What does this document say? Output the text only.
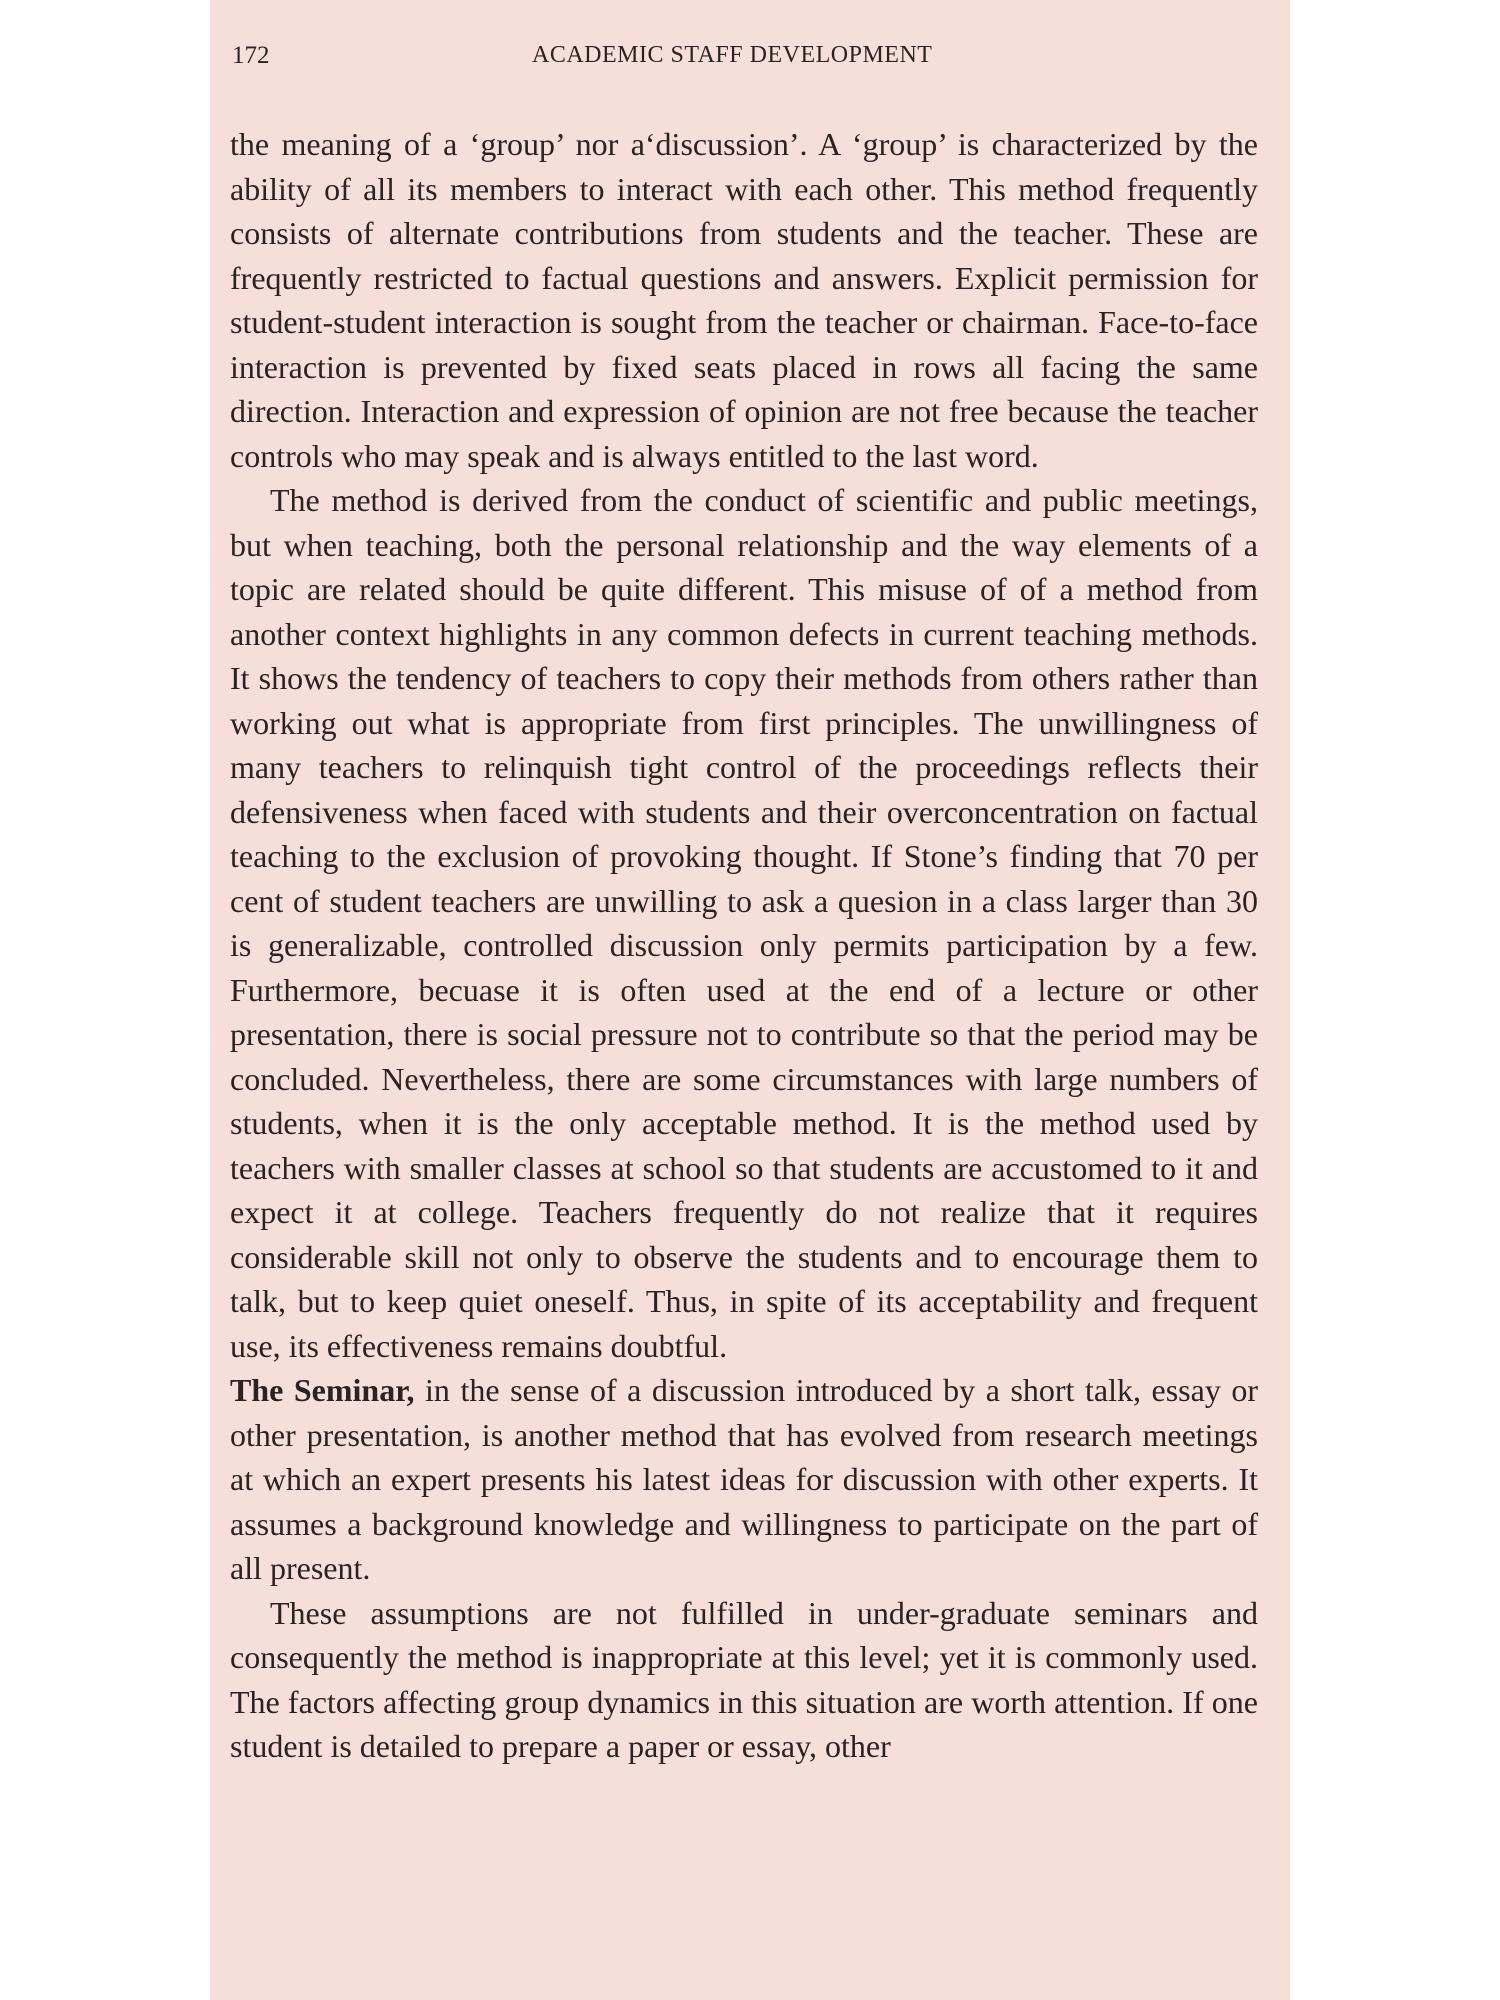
172	ACADEMIC STAFF DEVELOPMENT

the meaning of a ‘group’ nor a‘discussion’. A ‘group’ is characterized by the ability of all its members to interact with each other. This method frequently consists of alternate contributions from students and the teacher. These are frequently restricted to factual questions and answers. Explicit permission for student-student interaction is sought from the teacher or chairman. Face-to-face interaction is prevented by fixed seats placed in rows all facing the same direction. Interaction and expression of opinion are not free because the teacher controls who may speak and is always entitled to the last word.

The method is derived from the conduct of scientific and public meetings, but when teaching, both the personal relationship and the way elements of a topic are related should be quite different. This misuse of of a method from another context highlights in any common defects in current teaching methods. It shows the tendency of teachers to copy their methods from others rather than working out what is appropriate from first principles. The unwillingness of many teachers to relinquish tight control of the proceedings reflects their defensiveness when faced with students and their overconcentration on factual teaching to the exclusion of provoking thought. If Stone’s finding that 70 per cent of student teachers are unwilling to ask a quesion in a class larger than 30 is generalizable, controlled discussion only permits participation by a few. Furthermore, becuase it is often used at the end of a lecture or other presentation, there is social pressure not to contribute so that the period may be concluded. Nevertheless, there are some circumstances with large numbers of students, when it is the only acceptable method. It is the method used by teachers with smaller classes at school so that students are accustomed to it and expect it at college. Teachers frequently do not realize that it requires considerable skill not only to observe the students and to encourage them to talk, but to keep quiet oneself. Thus, in spite of its acceptability and frequent use, its effectiveness remains doubtful.

The Seminar, in the sense of a discussion introduced by a short talk, essay or other presentation, is another method that has evolved from research meetings at which an expert presents his latest ideas for discussion with other experts. It assumes a background knowledge and willingness to participate on the part of all present.

These assumptions are not fulfilled in under-graduate seminars and consequently the method is inappropriate at this level; yet it is commonly used. The factors affecting group dynamics in this situation are worth attention. If one student is detailed to prepare a paper or essay, other
